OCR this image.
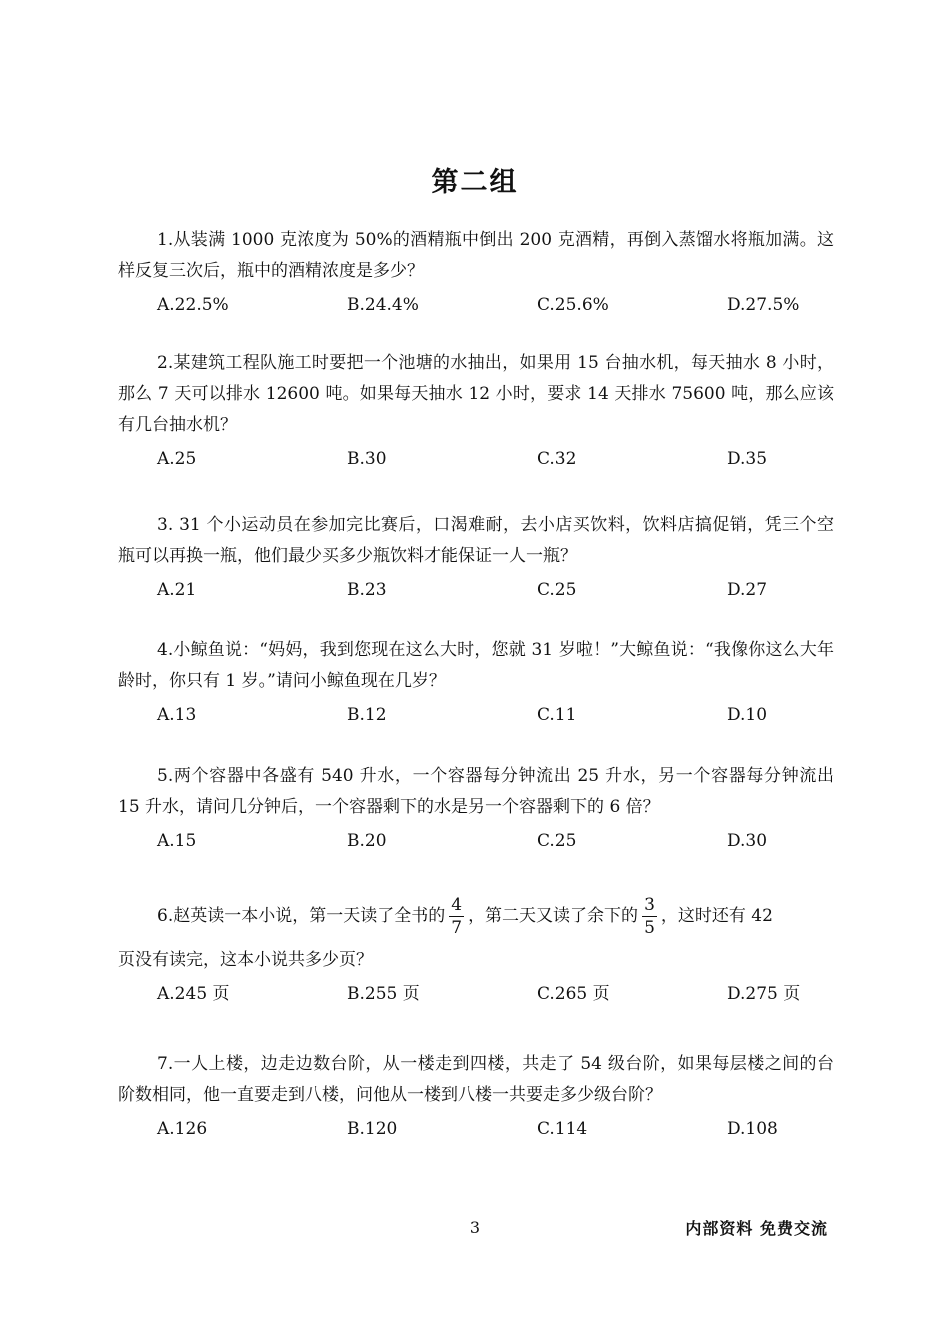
第二组
1.从装满 1000 克浓度为 50%的酒精瓶中倒出 200 克酒精，再倒入蒸馏水将瓶加满。这样反复三次后，瓶中的酒精浓度是多少？
A.22.5%	B.24.4%	C.25.6%	D.27.5%
2.某建筑工程队施工时要把一个池塘的水抽出，如果用 15 台抽水机，每天抽水 8 小时，那么 7 天可以排水 12600 吨。如果每天抽水 12 小时，要求 14 天排水 75600 吨，那么应该有几台抽水机？
A.25	B.30	C.32	D.35
3. 31 个小运动员在参加完比赛后，口渴难耐，去小店买饮料，饮料店搞促销，凭三个空瓶可以再换一瓶，他们最少买多少瓶饮料才能保证一人一瓶？
A.21	B.23	C.25	D.27
4.小鲸鱼说：“妈妈，我到您现在这么大时，您就 31 岁啦！”大鲸鱼说：“我像你这么大年龄时，你只有 1 岁。”请问小鲸鱼现在几岁？
A.13	B.12	C.11	D.10
5.两个容器中各盛有 540 升水，一个容器每分钟流出 25 升水，另一个容器每分钟流出 15 升水，请问几分钟后，一个容器剩下的水是另一个容器剩下的 6 倍？
A.15	B.20	C.25	D.30
6.赵英读一本小说，第一天读了全书的 $\frac{4}{7}$ ，第二天又读了余下的 $\frac{3}{5}$ ，这时还有 42
页没有读完，这本小说共多少页？
A.245 页	B.255 页	C.265 页	D.275 页
7.一人上楼，边走边数台阶，从一楼走到四楼，共走了 54 级台阶，如果每层楼之间的台阶数相同，他一直要走到八楼，问他从一楼到八楼一共要走多少级台阶？
A.126	B.120	C.114	D.108
3	内部资料 免费交流
